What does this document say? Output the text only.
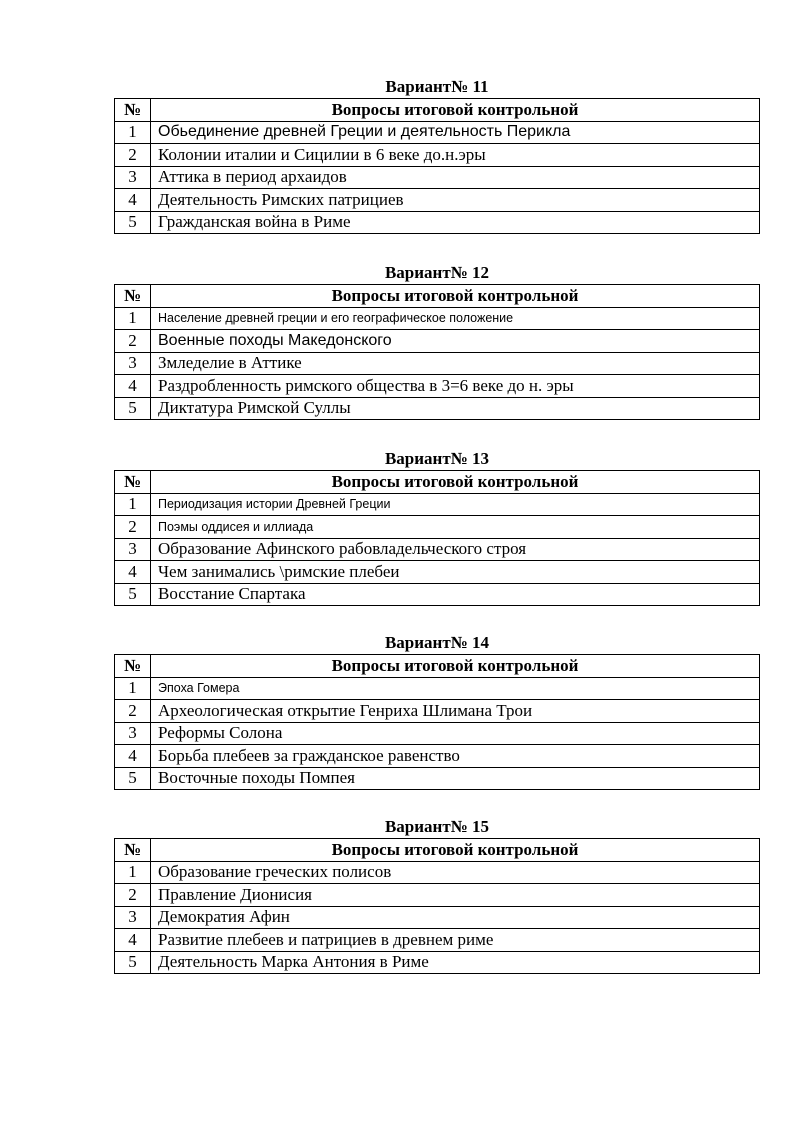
Вариант№ 11
№	Вопросы итоговой контрольной
1	Обьединение древней Греции и деятельность Перикла
2	Колонии италии и Сицилии в 6 веке до.н.эры
3	Аттика в период архаидов
4	Деятельность Римских патрициев
5	Гражданская война в Риме
Вариант№ 12
№	Вопросы итоговой контрольной
1	Население древней греции и его географическое положение
2	Военные походы Македонского
3	Змледелие в Аттике
4	Раздробленность римского общества в 3=6 веке до н. эры
5	Диктатура Римской Суллы
Вариант№ 13
№	Вопросы итоговой контрольной
1	Периодизация истории Древней Греции
2	Поэмы оддисея и иллиада
3	Образование Афинского рабовладельческого строя
4	Чем занимались \римские плебеи
5	Восстание Спартака
Вариант№ 14
№	Вопросы итоговой контрольной
1	Эпоха Гомера
2	Археологическая открытие Генриха Шлимана Трои
3	Реформы Солона
4	Борьба плебеев за гражданское равенство
5	Восточные походы Помпея
Вариант№ 15
№	Вопросы итоговой контрольной
1	Образование греческих полисов
2	Правление Дионисия
3	Демократия Афин
4	Развитие плебеев и патрициев в древнем риме
5	Деятельность Марка Антония в Риме
